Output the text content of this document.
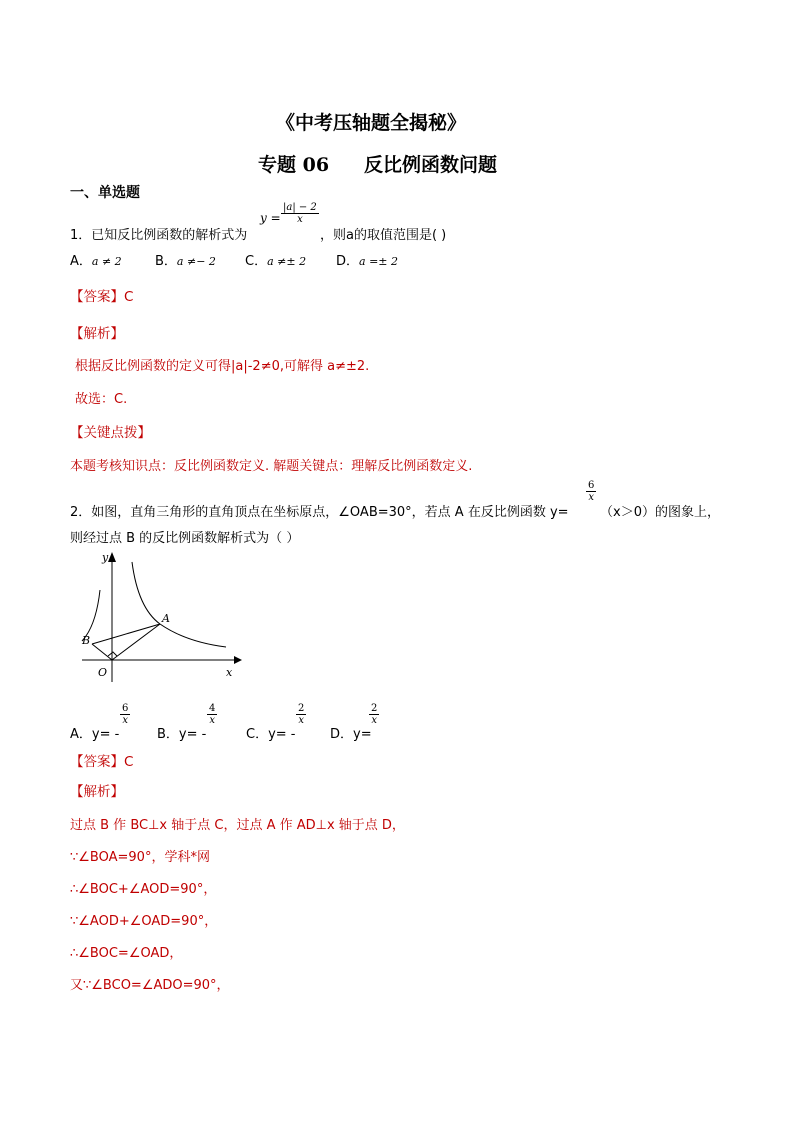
《中考压轴题全揭秘》
专题 06 反比例函数问题
一、单选题
1．已知反比例函数的解析式为
$y = \frac{|a| - 2}{x}$
，则a的取值范围是( )
A．a ≠ 2	B．a ≠− 2 C．a ≠± 2 D．a =± 2
【答案】C
【解析】
根据反比例函数的定义可得|a|-2≠0,可解得 a≠±2.
故选：C.
【关键点拨】
本题考核知识点：反比例函数定义. 解题关键点：理解反比例函数定义.
2．如图，直角三角形的直角顶点在坐标原点，∠OAB=30°，若点 A 在反比例函数 y=
$\frac{6}{x}$
（x＞0）的图象上，
则经过点 B 的反比例函数解析式为（ ）
y
x
O
A
B
A．y= -
$\frac{6}{x}$
B．y= -
$\frac{4}{x}$
C．y= -
$\frac{2}{x}$
D．y=
$\frac{2}{x}$
【答案】C
【解析】
过点 B 作 BC⊥x 轴于点 C，过点 A 作 AD⊥x 轴于点 D，
∵∠BOA=90°，学科*网
∴∠BOC+∠AOD=90°，
∵∠AOD+∠OAD=90°，
∴∠BOC=∠OAD，
又∵∠BCO=∠ADO=90°，
